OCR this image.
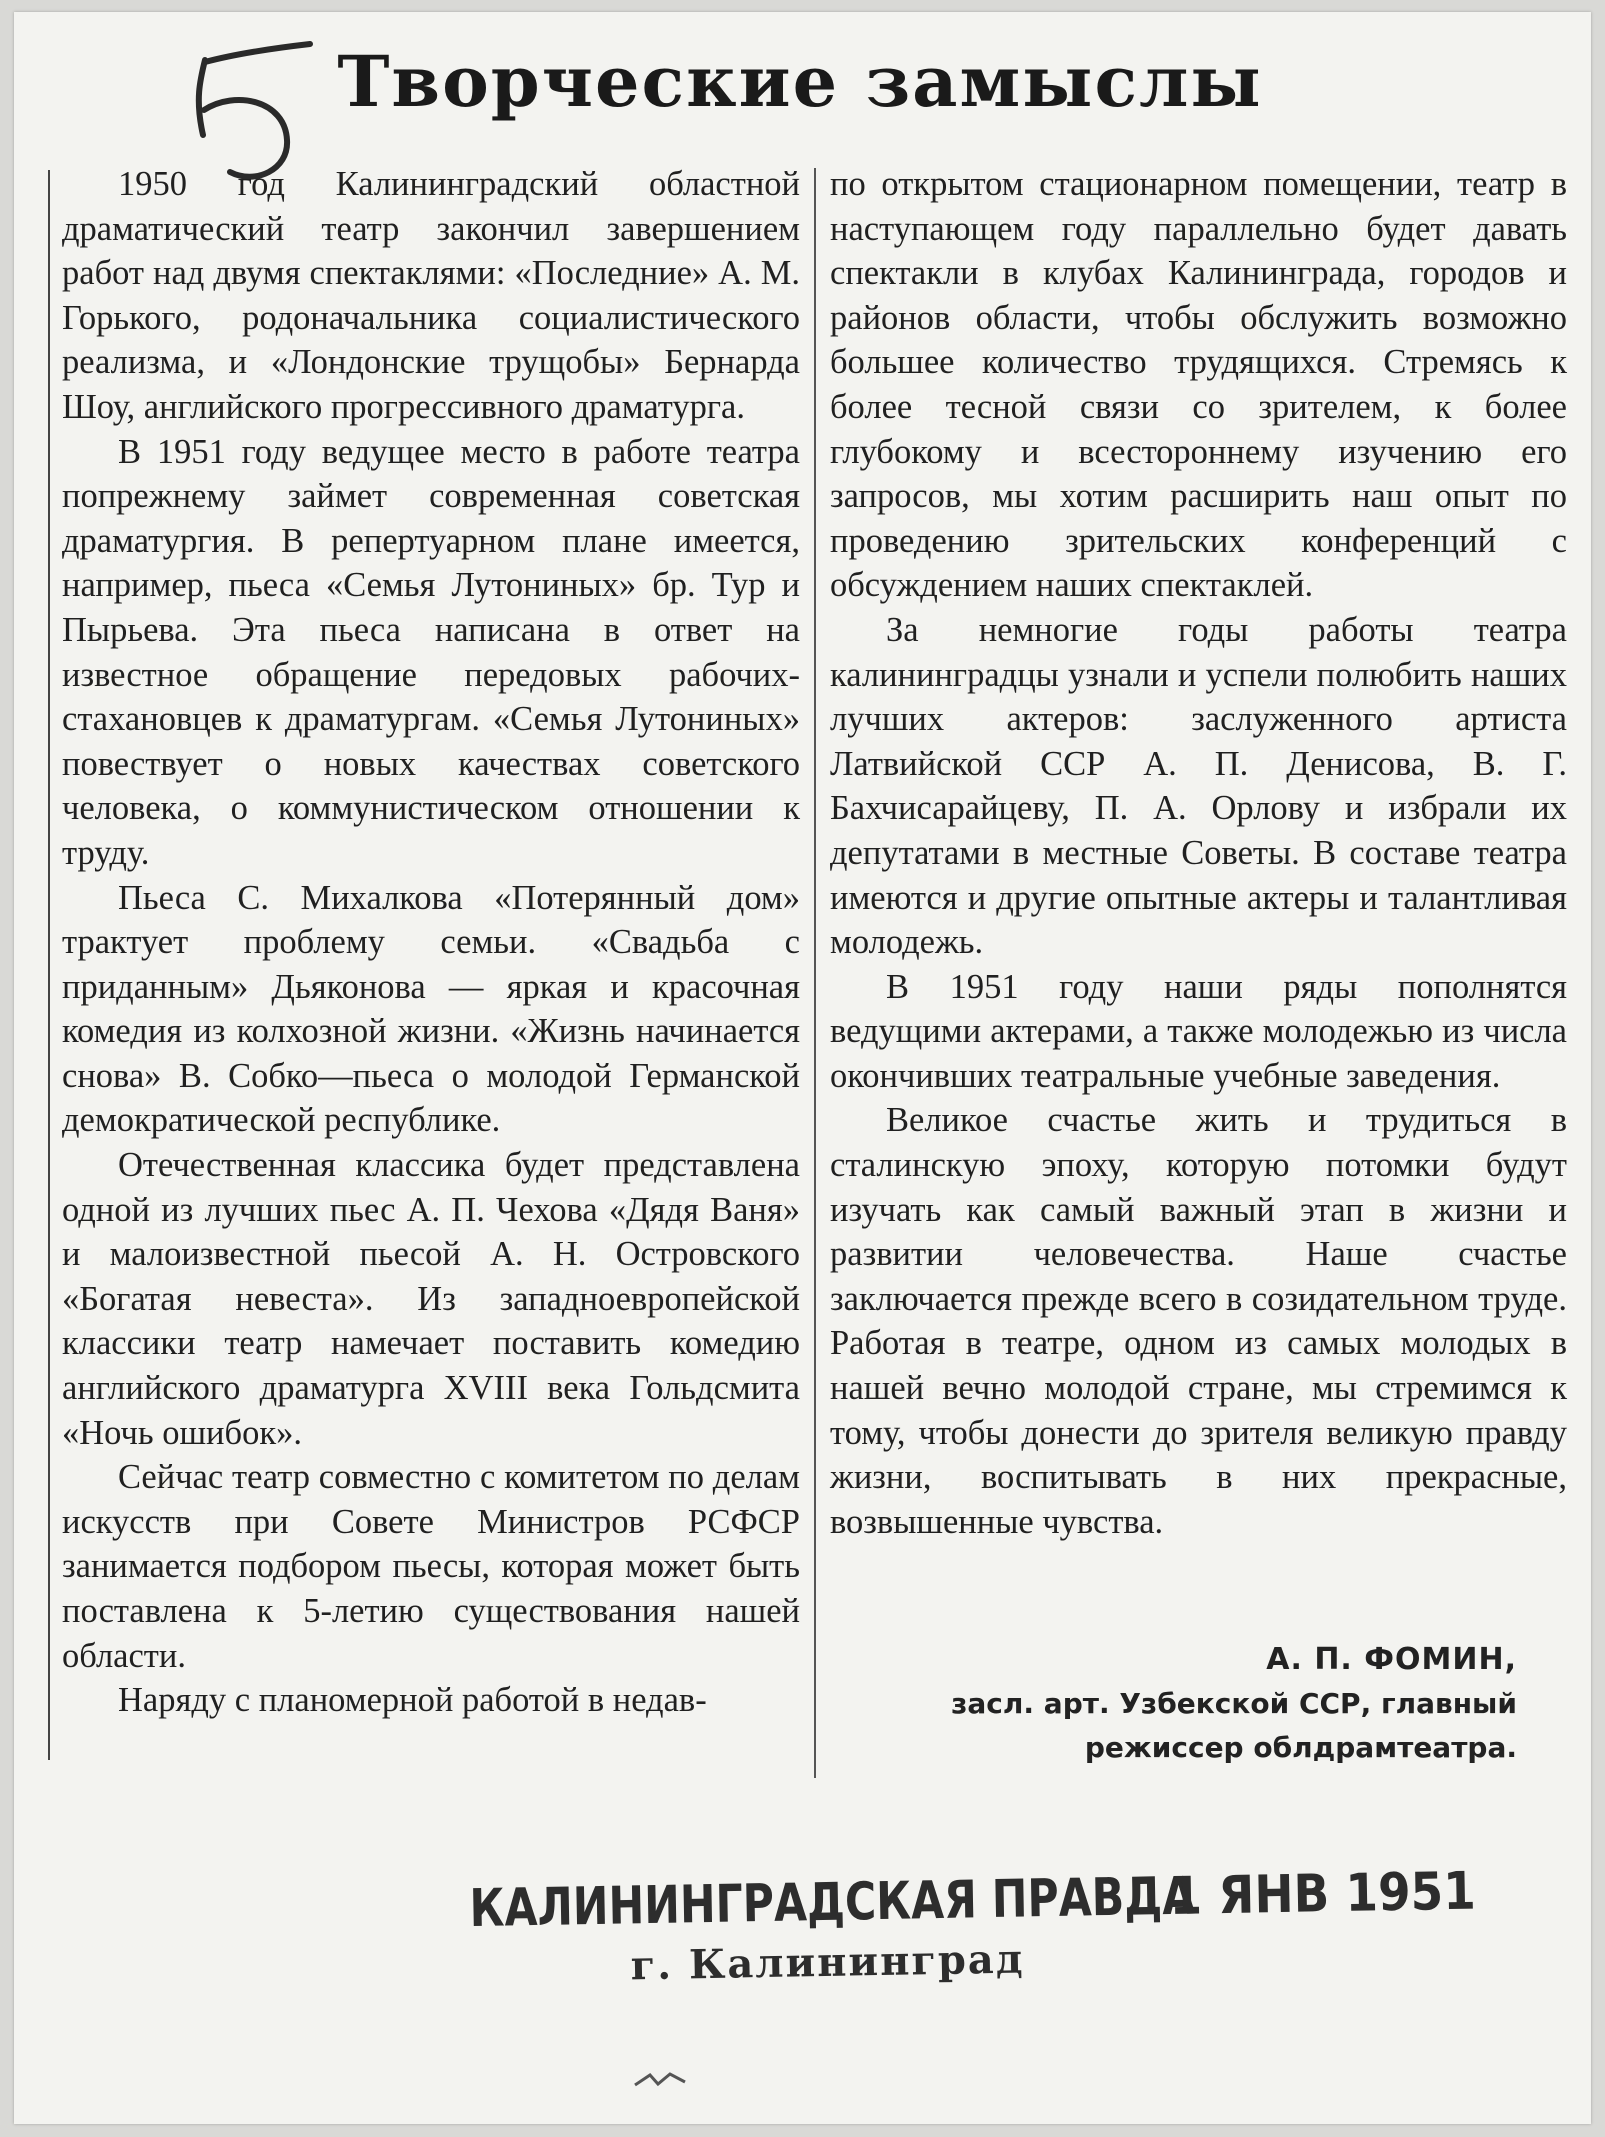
Творческие замыслы

1950 год Калининградский областной драматический театр закончил завершением работ над двумя спектаклями: «Последние» А. М. Горького, родоначальника социалистического реализма, и «Лондонские трущобы» Бернарда Шоу, английского прогрессивного драматурга.

В 1951 году ведущее место в работе театра попрежнему займет современная советская драматургия. В репертуарном плане имеется, например, пьеса «Семья Лутониных» бр. Тур и Пырьева. Эта пьеса написана в ответ на известное обращение передовых рабочих-стахановцев к драматургам. «Семья Лутониных» повествует о новых качествах советского человека, о коммунистическом отношении к труду.

Пьеса С. Михалкова «Потерянный дом» трактует проблему семьи. «Свадьба с приданным» Дьяконова — яркая и красочная комедия из колхозной жизни. «Жизнь начинается снова» В. Собко—пьеса о молодой Германской демократической республике.

Отечественная классика будет представлена одной из лучших пьес А. П. Чехова «Дядя Ваня» и малоизвестной пьесой А. Н. Островского «Богатая невеста». Из западноевропейской классики театр намечает поставить комедию английского драматурга XVIII века Гольдсмита «Ночь ошибок».

Сейчас театр совместно с комитетом по делам искусств при Совете Министров РСФСР занимается подбором пьесы, которая может быть поставлена к 5-летию существования нашей области.

Наряду с планомерной работой в недав-

по открытом стационарном помещении, театр в наступающем году параллельно будет давать спектакли в клубах Калининграда, городов и районов области, чтобы обслужить возможно большее количество трудящихся. Стремясь к более тесной связи со зрителем, к более глубокому и всестороннему изучению его запросов, мы хотим расширить наш опыт по проведению зрительских конференций с обсуждением наших спектаклей.

За немногие годы работы театра калининградцы узнали и успели полюбить наших лучших актеров: заслуженного артиста Латвийской ССР А. П. Денисова, В. Г. Бахчисарайцеву, П. А. Орлову и избрали их депутатами в местные Советы. В составе театра имеются и другие опытные актеры и талантливая молодежь.

В 1951 году наши ряды пополнятся ведущими актерами, а также молодежью из числа окончивших театральные учебные заведения.

Великое счастье жить и трудиться в сталинскую эпоху, которую потомки будут изучать как самый важный этап в жизни и развитии человечества. Наше счастье заключается прежде всего в созидательном труде. Работая в театре, одном из самых молодых в нашей вечно молодой стране, мы стремимся к тому, чтобы донести до зрителя великую правду жизни, воспитывать в них прекрасные, возвышенные чувства.

А. П. ФОМИН,
засл. арт. Узбекской ССР, главный
режиссер облдрамтеатра.
КАЛИНИНГРАДСКАЯ ПРАВДА
1 ЯНВ 1951
г. Калининград
